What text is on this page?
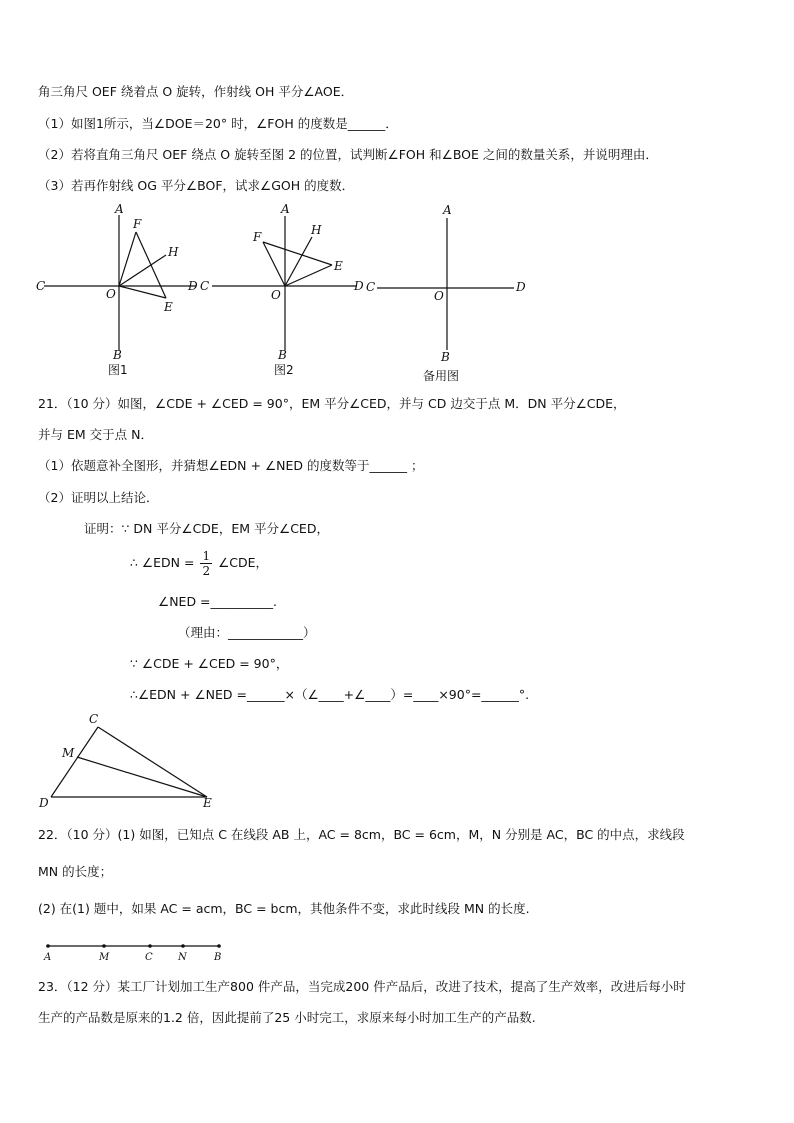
角三角尺 OEF 绕着点 O 旋转，作射线 OH 平分∠AOE．
（1）如图1所示，当∠DOE＝20° 时，∠FOH 的度数是______．
（2）若将直角三角尺 OEF 绕点 O 旋转至图 2 的位置，试判断∠FOH 和∠BOE 之间的数量关系，并说明理由．
（3）若再作射线 OG 平分∠BOF，试求∠GOH 的度数．
A
F
H
C
O
D
E
B
图1
A
F	H
E
C
O
D
B
图2
A
C
O
D
B
备用图
21．（10 分）如图，∠CDE + ∠CED = 90°，EM 平分∠CED，并与 CD 边交于点 M．DN 平分∠CDE，
并与 EM 交于点 N．
（1）依题意补全图形，并猜想∠EDN + ∠NED 的度数等于______ ；
（2）证明以上结论．
证明：∵ DN 平分∠CDE，EM 平分∠CED，
∴ ∠EDN = $\frac{1}{2}$ ∠CDE，
∠NED =__________.
（理由：____________）
∵ ∠CDE + ∠CED = 90°，
∴∠EDN + ∠NED =______×（∠____+∠____）=____×90°=______°.
C
M
D	E
22．（10 分）(1) 如图，已知点 C 在线段 AB 上，AC = 8cm，BC = 6cm，M，N 分别是 AC，BC 的中点，求线段
MN 的长度；
(2) 在(1) 题中，如果 AC = acm，BC = bcm，其他条件不变，求此时线段 MN 的长度.
A	M	C	N	B
23．（12 分）某工厂计划加工生产800 件产品，当完成200 件产品后，改进了技术，提高了生产效率，改进后每小时
生产的产品数是原来的1.2 倍，因此提前了25 小时完工，求原来每小时加工生产的产品数.
